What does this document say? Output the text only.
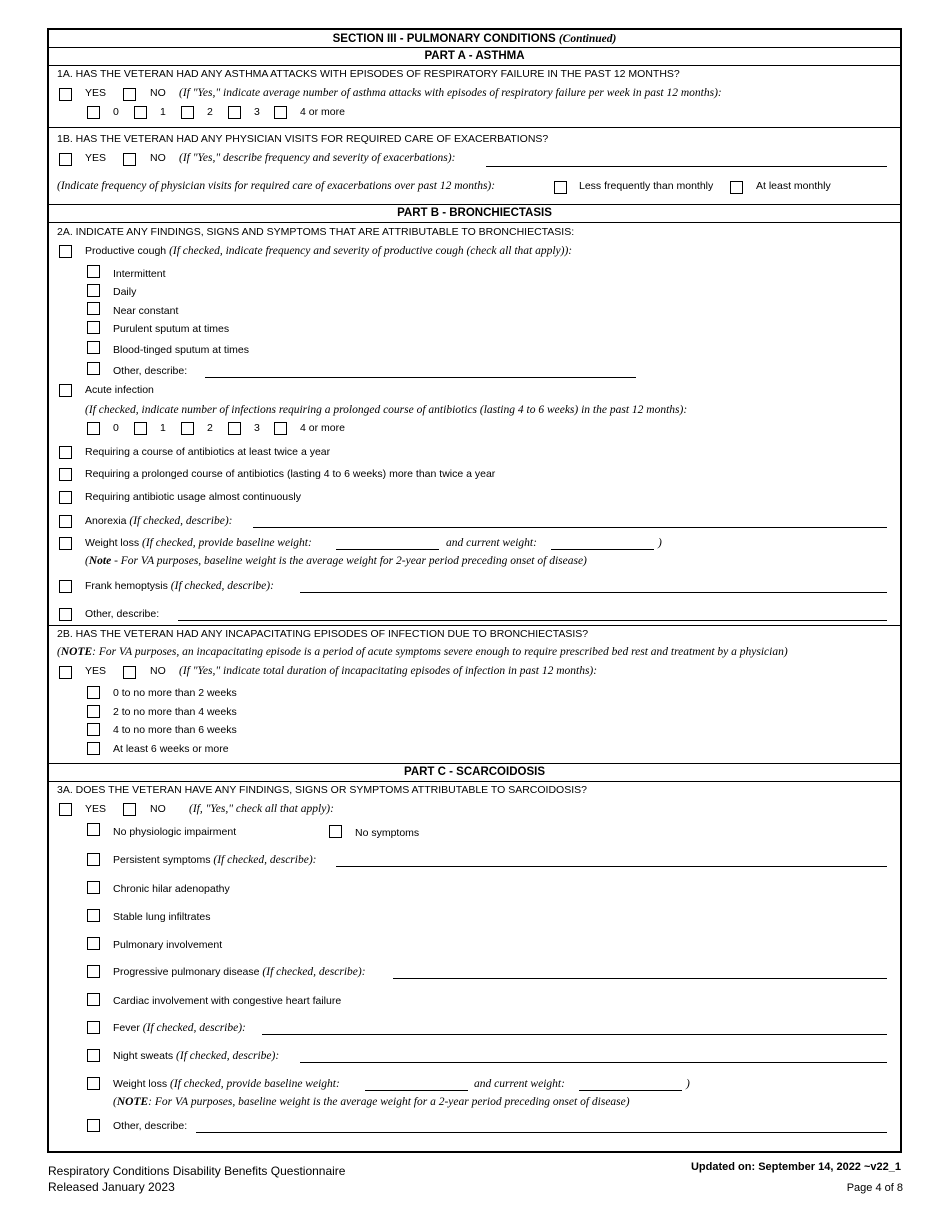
SECTION III - PULMONARY CONDITIONS (Continued)
PART A - ASTHMA
1A. HAS THE VETERAN HAD ANY ASTHMA ATTACKS WITH EPISODES OF RESPIRATORY FAILURE IN THE PAST 12 MONTHS?
YES	NO (If "Yes," indicate average number of asthma attacks with episodes of respiratory failure per week in past 12 months):
0	1	2	3	4 or more
1B. HAS THE VETERAN HAD ANY PHYSICIAN VISITS FOR REQUIRED CARE OF EXACERBATIONS?
YES	NO (If "Yes," describe frequency and severity of exacerbations):
(Indicate frequency of physician visits for required care of exacerbations over past 12 months):	Less frequently than monthly	At least monthly
PART B - BRONCHIECTASIS
2A. INDICATE ANY FINDINGS, SIGNS AND SYMPTOMS THAT ARE ATTRIBUTABLE TO BRONCHIECTASIS:
Productive cough (If checked, indicate frequency and severity of productive cough (check all that apply)):
Intermittent
Daily
Near constant
Purulent sputum at times
Blood-tinged sputum at times
Other, describe:
Acute infection
(If checked, indicate number of infections requiring a prolonged course of antibiotics (lasting 4 to 6 weeks) in the past 12 months):
0	1	2	3	4 or more
Requiring a course of antibiotics at least twice a year
Requiring a prolonged course of antibiotics (lasting 4 to 6 weeks) more than twice a year
Requiring antibiotic usage almost continuously
Anorexia (If checked, describe):
Weight loss (If checked, provide baseline weight:	and current weight:	)
(Note - For VA purposes, baseline weight is the average weight for 2-year period preceding onset of disease)
Frank hemoptysis (If checked, describe):
Other, describe:
2B. HAS THE VETERAN HAD ANY INCAPACITATING EPISODES OF INFECTION DUE TO BRONCHIECTASIS?
(NOTE: For VA purposes, an incapacitating episode is a period of acute symptoms severe enough to require prescribed bed rest and treatment by a physician)
YES	NO (If "Yes," indicate total duration of incapacitating episodes of infection in past 12 months):
0 to no more than 2 weeks
2 to no more than 4 weeks
4 to no more than 6 weeks
At least 6 weeks or more
PART C - SCARCOIDOSIS
3A. DOES THE VETERAN HAVE ANY FINDINGS, SIGNS OR SYMPTOMS ATTRIBUTABLE TO SARCOIDOSIS?
YES	NO (If, "Yes," check all that apply):
No physiologic impairment	No symptoms
Persistent symptoms (If checked, describe):
Chronic hilar adenopathy
Stable lung infiltrates
Pulmonary involvement
Progressive pulmonary disease (If checked, describe):
Cardiac involvement with congestive heart failure
Fever (If checked, describe):
Night sweats (If checked, describe):
Weight loss (If checked, provide baseline weight:	and current weight:	)
(NOTE: For VA purposes, baseline weight is the average weight for a 2-year period preceding onset of disease)
Other, describe:
Respiratory Conditions Disability Benefits Questionnaire
Released January 2023
Updated on: September 14, 2022 ~v22_1
Page 4 of 8
